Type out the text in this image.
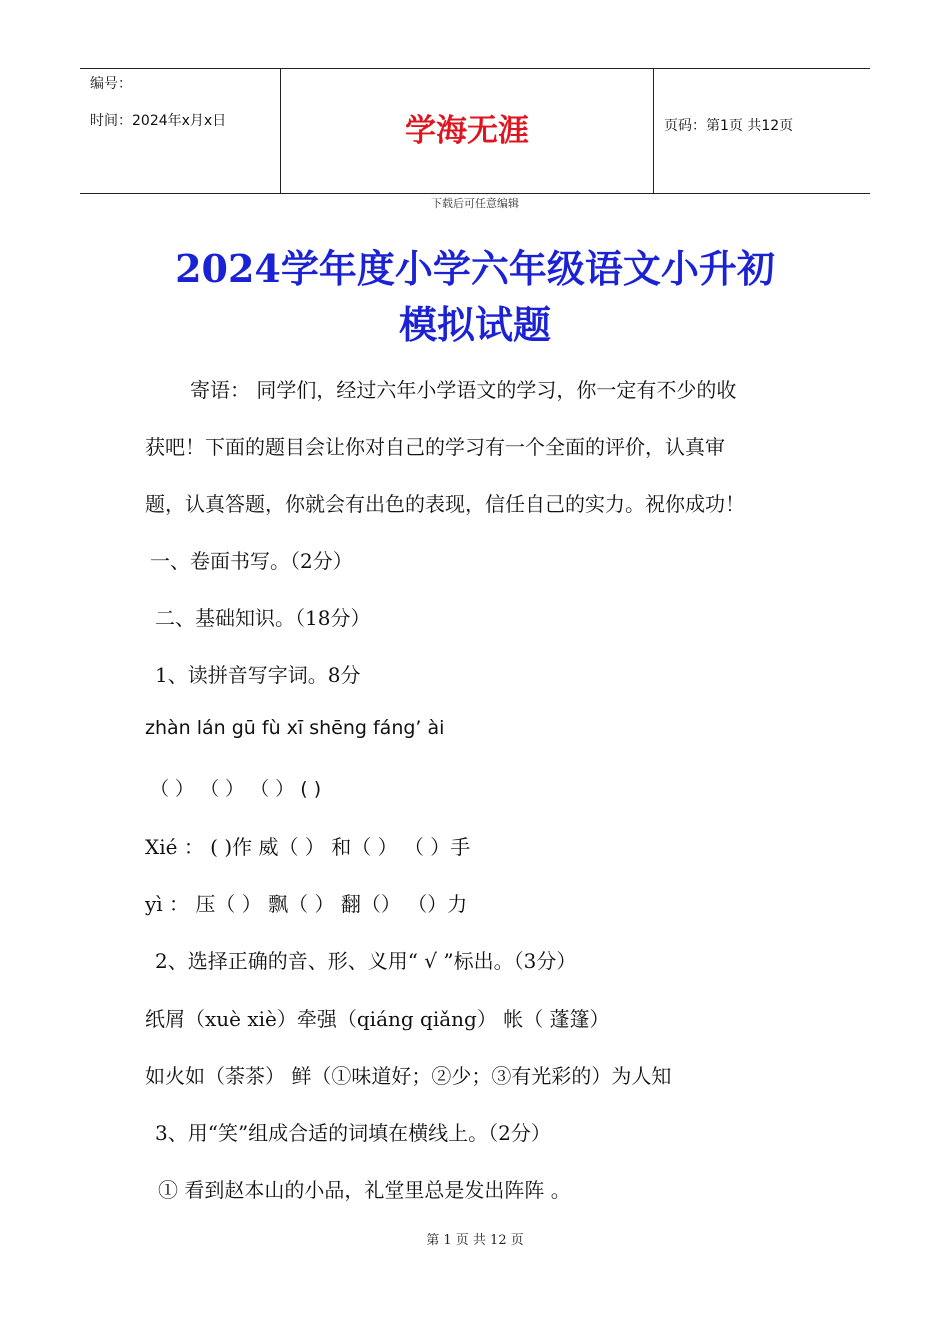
编号：
时间：2024年x月x日	学海无涯	页码：第1页 共12页
下载后可任意编辑
2024学年度小学六年级语文小升初
模拟试题
寄语： 同学们，经过六年小学语文的学习，你一定有不少的收
获吧！下面的题目会让你对自己的学习有一个全面的评价，认真审
题，认真答题，你就会有出色的表现，信任自己的实力。祝你成功！
一、卷面书写。（2分）
二、基础知识。（18分）
1、读拼音写字词。8分
zhàn lán gū fù xī shēng fáng’ ài
（ ） （ ） （ ） ( )
Xié ： ( )作 威（ ） 和（ ） （ ）手
yì ： 压（ ） 飘（ ） 翻（） （）力
2、选择正确的音、形、义用“ √ ”标出。（3分）
纸屑（xuè xiè）牵强（qiáng qiǎng） 帐（ 蓬篷）
如火如（荼茶） 鲜（①味道好；②少；③有光彩的）为人知
3、用“笑”组成合适的词填在横线上。（2分）
① 看到赵本山的小品，礼堂里总是发出阵阵 。
第 1 页 共 12 页
